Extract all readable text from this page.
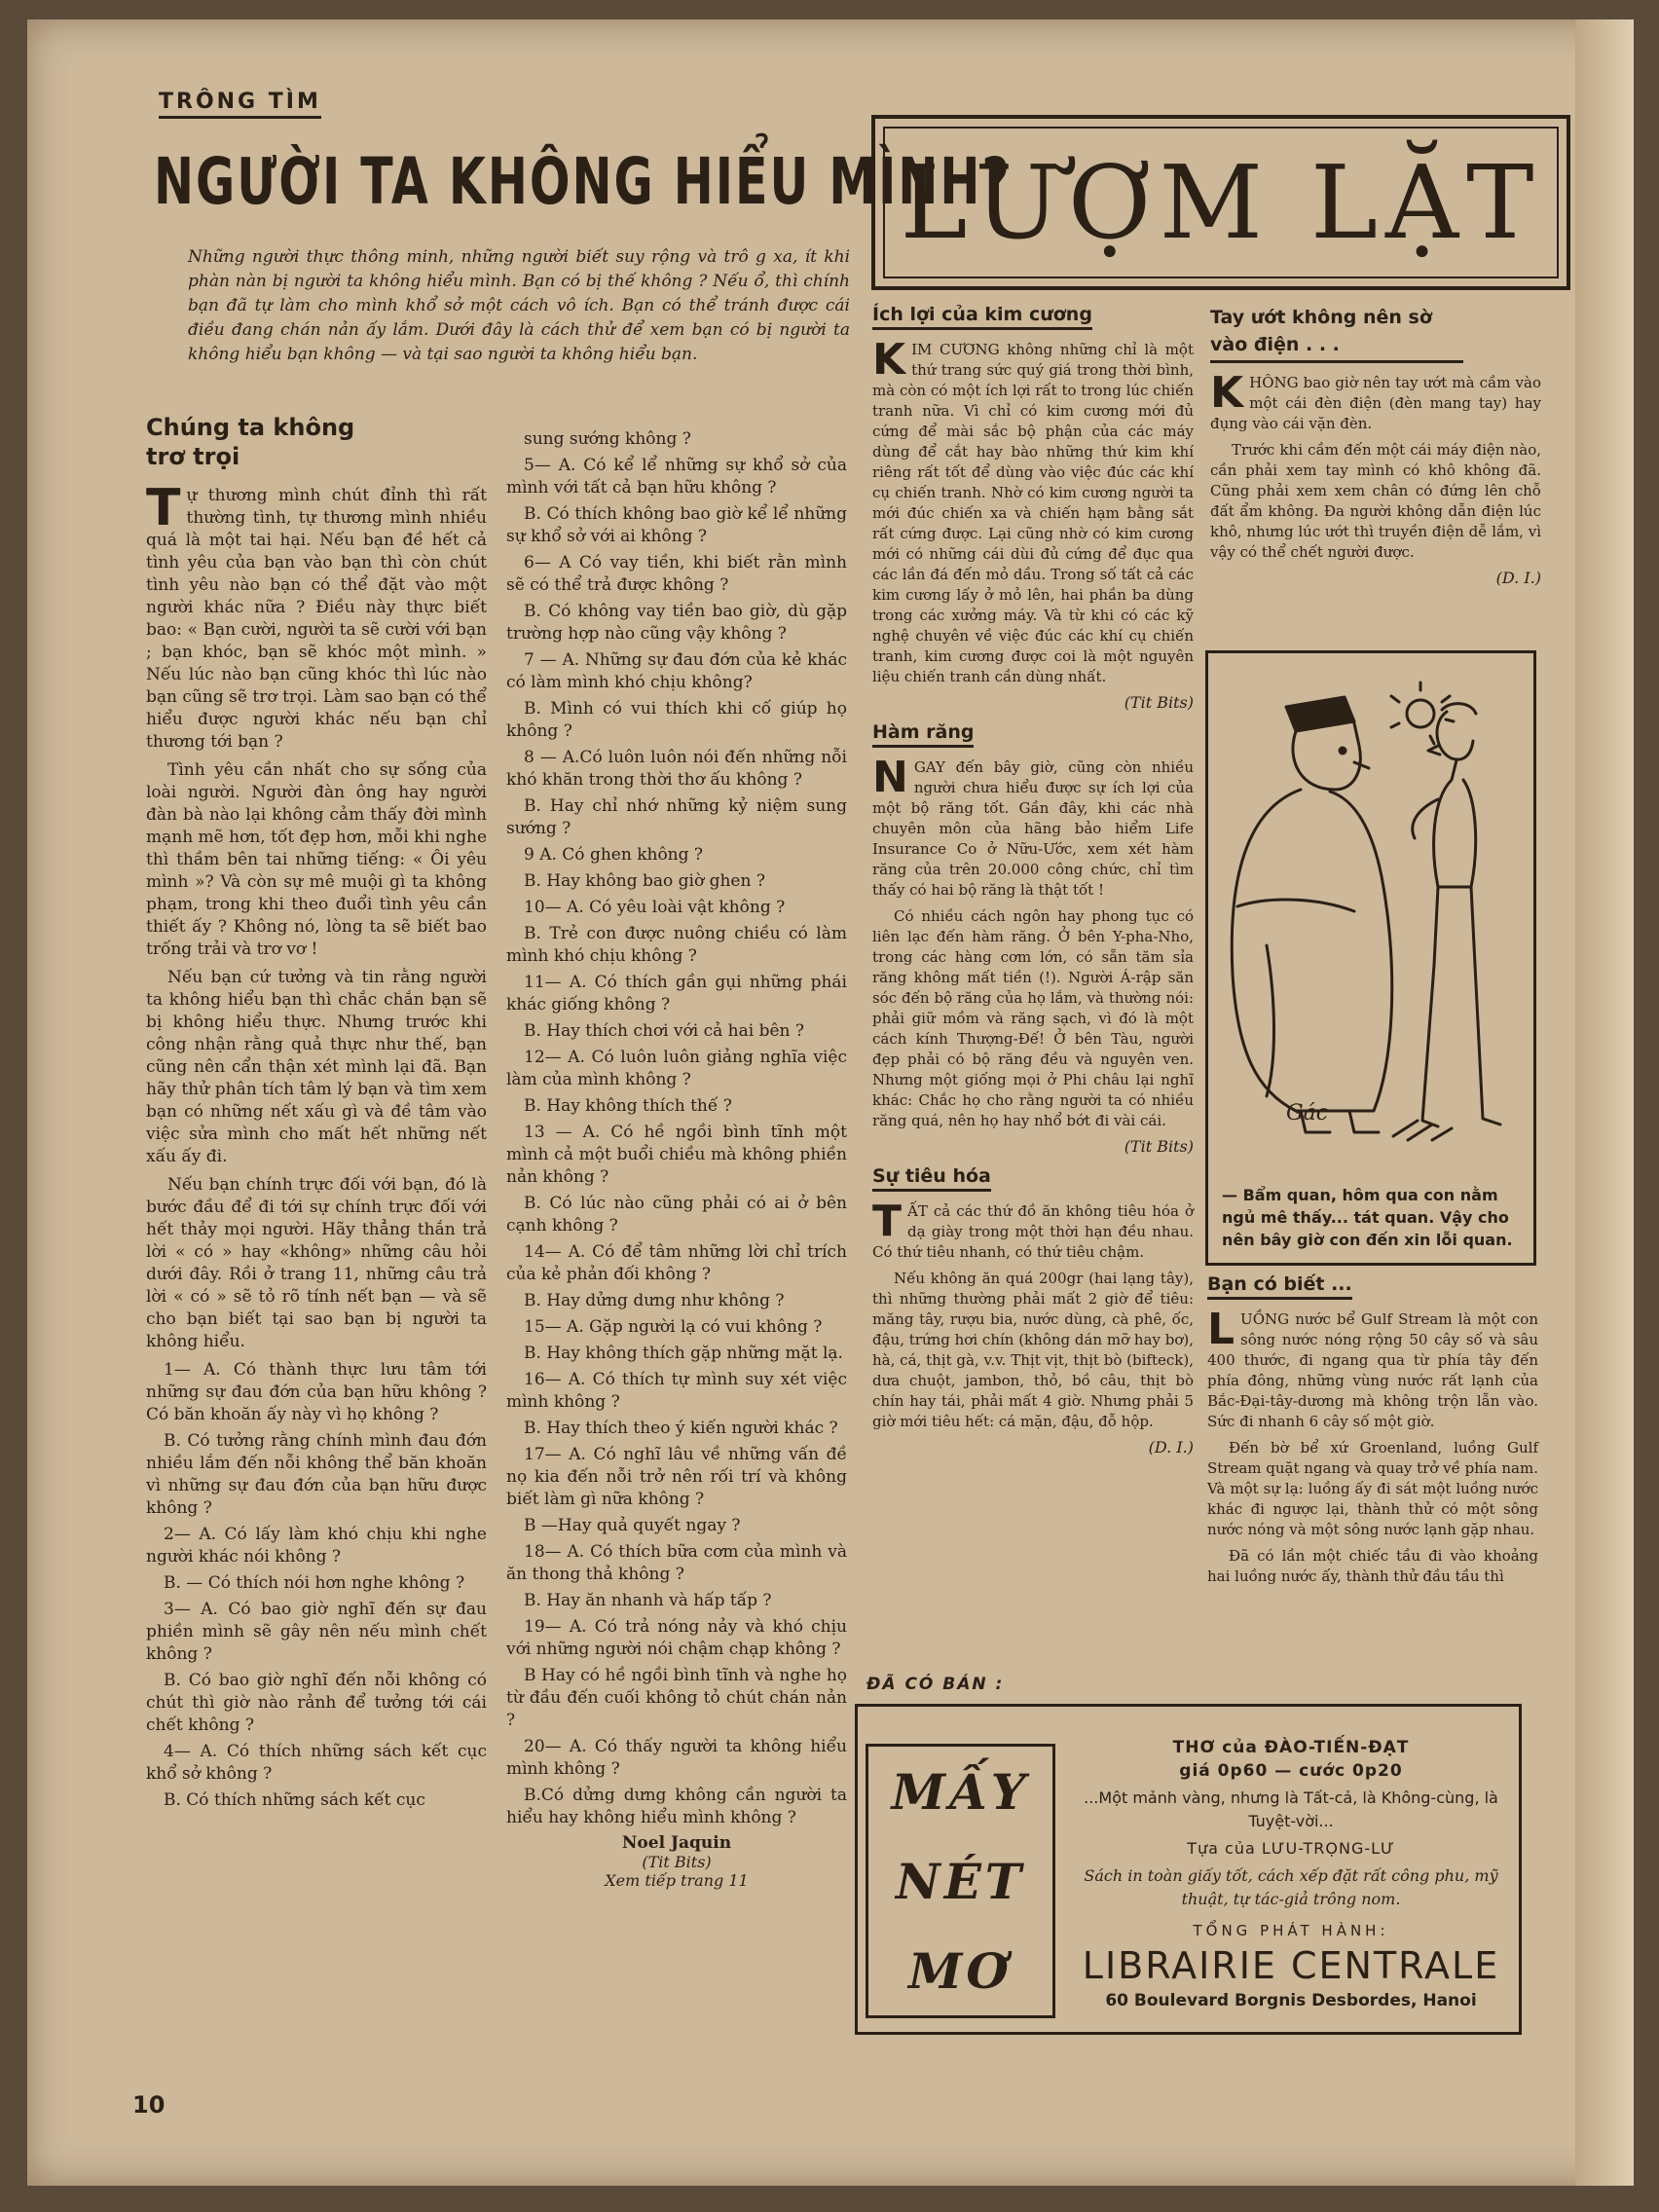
TRÔNG TÌM
NGƯỜI TA KHÔNG HIỂU MÌNH?
Những người thực thông minh, những người biết suy rộng và trô g xa, ít khi phàn nàn bị người ta không hiểu mình. Bạn có bị thế không ? Nếu ổ, thì chính bạn đã tự làm cho mình khổ sở một cách vô ích. Bạn có thể tránh được cái điều đang chán nản ấy lắm. Dưới đây là cách thử để xem bạn có bị người ta không hiểu bạn không — và tại sao người ta không hiểu bạn.
Chúng ta không trơ trọi

Tự thương mình chút đỉnh thì rất thường tình, tự thương mình nhiều quá là một tai hại. Nếu bạn đề hết cả tình yêu của bạn vào bạn thì còn chút tình yêu nào bạn có thể đặt vào một người khác nữa ? Điều này thực biết bao: « Bạn cười, người ta sẽ cười với bạn ; bạn khóc, bạn sẽ khóc một mình. » Nếu lúc nào bạn cũng khóc thì lúc nào bạn cũng sẽ trơ trọi. Làm sao bạn có thể hiểu được người khác nếu bạn chỉ thương tới bạn ?

Tình yêu cần nhất cho sự sống của loài người. Người đàn ông hay người đàn bà nào lại không cảm thấy đời mình mạnh mẽ hơn, tốt đẹp hơn, mỗi khi nghe thì thầm bên tai những tiếng: « Ôi yêu mình »? Và còn sự mê muội gì ta không phạm, trong khi theo đuổi tình yêu cần thiết ấy ? Không nó, lòng ta sẽ biết bao trống trải và trơ vơ !

Nếu bạn cứ tưởng và tin rằng người ta không hiểu bạn thì chắc chắn bạn sẽ bị không hiểu thực. Nhưng trước khi công nhận rằng quả thực như thế, bạn cũng nên cẩn thận xét mình lại đã. Bạn hãy thử phân tích tâm lý bạn và tìm xem bạn có những nết xấu gì và đề tâm vào việc sửa mình cho mất hết những nết xấu ấy đi.

Nếu bạn chính trực đối với bạn, đó là bước đầu để đi tới sự chính trực đối với hết thảy mọi người. Hãy thẳng thắn trả lời « có » hay «không» những câu hỏi dưới đây. Rồi ở trang 11, những câu trả lời « có » sẽ tỏ rõ tính nết bạn — và sẽ cho bạn biết tại sao bạn bị người ta không hiểu.

1— A. Có thành thực lưu tâm tới những sự đau đớn của bạn hữu không ? Có băn khoăn ấy này vì họ không ?

B. Có tưởng rằng chính mình đau đớn nhiều lắm đến nỗi không thể băn khoăn vì những sự đau đớn của bạn hữu được không ?

2— A. Có lấy làm khó chịu khi nghe người khác nói không ?

B. — Có thích nói hơn nghe không ?

3— A. Có bao giờ nghĩ đến sự đau phiền mình sẽ gây nên nếu mình chết không ?

B. Có bao giờ nghĩ đến nỗi không có chút thì giờ nào rảnh để tưởng tới cái chết không ?

4— A. Có thích những sách kết cục khổ sở không ?

B. Có thích những sách kết cục

sung sướng không ?

5— A. Có kể lể những sự khổ sở của mình với tất cả bạn hữu không ?

B. Có thích không bao giờ kể lể những sự khổ sở với ai không ?

6— A Có vay tiền, khi biết rằn mình sẽ có thể trả được không ?

B. Có không vay tiền bao giờ, dù gặp trường hợp nào cũng vậy không ?

7 — A. Những sự đau đớn của kẻ khác có làm mình khó chịu không?

B. Mình có vui thích khi cố giúp họ không ?

8 — A.Có luôn luôn nói đến những nỗi khó khăn trong thời thơ ấu không ?

B. Hay chỉ nhớ những kỷ niệm sung sướng ?

9 A. Có ghen không ?

B. Hay không bao giờ ghen ?

10— A. Có yêu loài vật không ?

B. Trẻ con được nuông chiều có làm mình khó chịu không ?

11— A. Có thích gần gụi những phái khác giống không ?

B. Hay thích chơi với cả hai bên ?

12— A. Có luôn luôn giảng nghĩa việc làm của mình không ?

B. Hay không thích thế ?

13 — A. Có hề ngồi bình tĩnh một mình cả một buổi chiều mà không phiền nản không ?

B. Có lúc nào cũng phải có ai ở bên cạnh không ?

14— A. Có để tâm những lời chỉ trích của kẻ phản đối không ?

B. Hay dửng dưng như không ?

15— A. Gặp người lạ có vui không ?

B. Hay không thích gặp những mặt lạ.

16— A. Có thích tự mình suy xét việc mình không ?

B. Hay thích theo ý kiến người khác ?

17— A. Có nghĩ lâu về những vấn đề nọ kia đến nỗi trở nên rối trí và không biết làm gì nữa không ?

B —Hay quả quyết ngay ?

18— A. Có thích bữa cơm của mình và ăn thong thả không ?

B. Hay ăn nhanh và hấp tấp ?

19— A. Có trả nóng nảy và khó chịu với những người nói chậm chạp không ?

B Hay có hề ngồi bình tĩnh và nghe họ từ đầu đến cuối không tỏ chút chán nản ?

20— A. Có thấy người ta không hiểu mình không ?

B.Có dửng dưng không cần người ta hiểu hay không hiểu mình không ?

Noel Jaquin
(Tit Bits)
Xem tiếp trang 11
LƯỢM LẶT
Ích lợi của kim cương

KIM CƯƠNG không những chỉ là một thứ trang sức quý giá trong thời bình, mà còn có một ích lợi rất to trong lúc chiến tranh nữa. Vì chỉ có kim cương mới đủ cứng để mài sắc bộ phận của các máy dùng để cắt hay bào những thứ kim khí riêng rất tốt để dùng vào việc đúc các khí cụ chiến tranh. Nhờ có kim cương người ta mới đúc chiến xa và chiến hạm bằng sắt rất cứng được. Lại cũng nhờ có kim cương mới có những cái dùi đủ cứng để đục qua các lần đá đến mỏ dầu. Trong số tất cả các kim cương lấy ở mỏ lên, hai phần ba dùng trong các xưởng máy. Và từ khi có các kỹ nghệ chuyên về việc đúc các khí cụ chiến tranh, kim cương được coi là một nguyên liệu chiến tranh cần dùng nhất.

(Tit Bits)
Hàm răng

NGAY đến bây giờ, cũng còn nhiều người chưa hiểu được sự ích lợi của một bộ răng tốt. Gần đây, khi các nhà chuyên môn của hãng bảo hiểm Life Insurance Co ở Nữu-Ước, xem xét hàm răng của trên 20.000 công chức, chỉ tìm thấy có hai bộ răng là thật tốt !

Có nhiều cách ngôn hay phong tục có liên lạc đến hàm răng. Ở bên Y-pha-Nho, trong các hàng cơm lớn, có sẵn tăm sỉa răng không mất tiền (!). Người Á-rập săn sóc đến bộ răng của họ lắm, và thường nói: phải giữ mồm và răng sạch, vì đó là một cách kính Thượng-Đế! Ở bên Tàu, người đẹp phải có bộ răng đều và nguyên ven. Nhưng một giống mọi ở Phi châu lại nghĩ khác: Chắc họ cho rằng người ta có nhiều răng quá, nên họ hay nhổ bớt đi vài cái.

(Tit Bits)
Sự tiêu hóa

TẤT cả các thứ đồ ăn không tiêu hóa ở dạ giày trong một thời hạn đều nhau. Có thứ tiêu nhanh, có thứ tiêu chậm.

Nếu không ăn quá 200gr (hai lạng tây), thì những thường phải mất 2 giờ để tiêu: măng tây, rượu bia, nước dùng, cà phê, ốc, đậu, trứng hơi chín (không dán mỡ hay bơ), hà, cá, thịt gà, v.v. Thịt vịt, thịt bò (bifteck), dưa chuột, jambon, thỏ, bồ câu, thịt bò chín hay tái, phải mất 4 giờ. Nhưng phải 5 giờ mới tiêu hết: cá mặn, đậu, đỗ hộp.

(D. I.)
Tay ướt không nên sờ vào điện . . .

KHÔNG bao giờ nên tay ướt mà cầm vào một cái đèn điện (đèn mang tay) hay đụng vào cái vặn đèn.

Trước khi cầm đến một cái máy điện nào, cần phải xem tay mình có khô không đã. Cũng phải xem xem chân có đứng lên chỗ đất ẩm không. Đa người không dẫn điện lúc khô, nhưng lúc ướt thì truyền điện dễ lắm, vì vậy có thể chết người được.

(D. I.)
Gác
— Bẩm quan, hôm qua con nằm ngủ mê thấy... tát quan. Vậy cho nên bây giờ con đến xin lỗi quan.
Bạn có biết ...

LUỒNG nước bể Gulf Stream là một con sông nước nóng rộng 50 cây số và sâu 400 thước, đi ngang qua từ phía tây đến phía đông, những vùng nước rất lạnh của Bắc-Đại-tây-dương mà không trộn lẫn vào. Sức đi nhanh 6 cây số một giờ.

Đến bờ bể xứ Groenland, luồng Gulf Stream quặt ngang và quay trở về phía nam. Và một sự lạ: luồng ấy đi sát một luồng nước khác đi ngược lại, thành thử có một sông nước nóng và một sông nước lạnh gặp nhau.

Đã có lần một chiếc tầu đi vào khoảng hai luồng nước ấy, thành thử đầu tầu thì

ĐÃ CÓ BÁN :
MẤY
NÉT
MƠ
THƠ của ĐÀO-TIẾN-ĐẠT
giá 0p60 — cước 0p20
...Một mảnh vàng, nhưng là Tất-cả, là Không-cùng, là Tuyệt-vời...
Tựa của LƯU-TRỌNG-LƯ
Sách in toàn giấy tốt, cách xếp đặt rất công phu, mỹ thuật, tự tác-giả trông nom.
TỔNG PHÁT HÀNH:
LIBRAIRIE CENTRALE
60 Boulevard Borgnis Desbordes, Hanoi
10
